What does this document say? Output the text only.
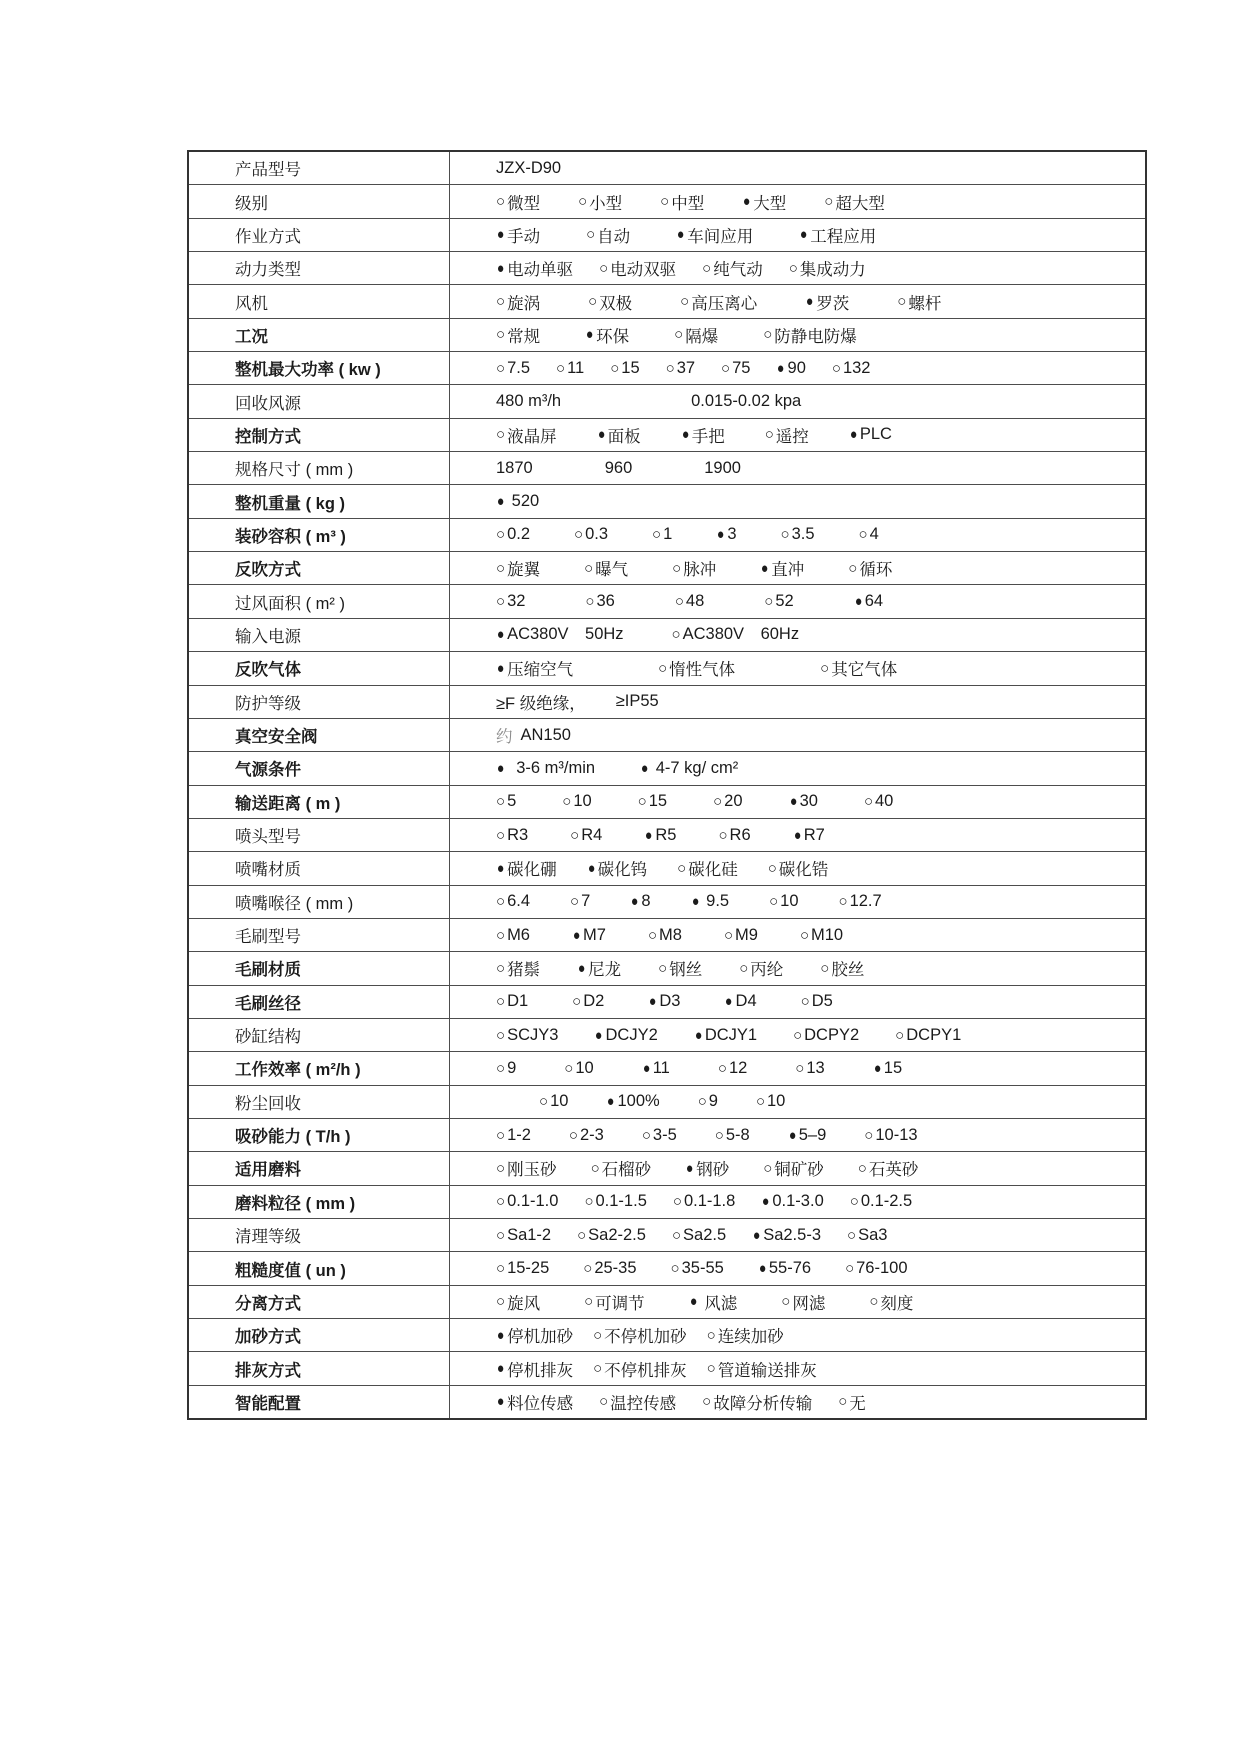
产品型号	JZX-D90
级别	○ 微型	○ 小型	○ 中型	● 大型	○ 超大型
作业方式	● 手动	○ 自动	● 车间应用	● 工程应用
动力类型	● 电动单驱 ○ 电动双驱 ○ 纯气动 ○ 集成动力
风机	○ 旋涡	○ 双极	○ 高压离心	● 罗茨	○ 螺杆
工况	○ 常规	● 环保	○ 隔爆	○ 防静电防爆
整机最大功率 ( kw )	○ 7.5 ○ 11 ○ 15 ○ 37 ○ 75 ● 90 ○ 132
回收风源	480 m³/h	0.015-0.02 kpa
控制方式	○ 液晶屏	● 面板	● 手把	○ 遥控	● PLC
规格尺寸 ( mm )	1870	960	1900
整机重量 ( kg )	● 520
装砂容积 ( m³ )	○ 0.2	○ 0.3	○ 1	● 3	○ 3.5	○ 4
反吹方式	○ 旋翼	○ 曝气	○ 脉冲	● 直冲	○ 循环
过风面积 ( m² )	○ 32	○ 36	○ 48	○ 52	● 64
输入电源	● AC380V 50Hz	○ AC380V 60Hz
反吹气体	● 压缩空气	○ 惰性气体	○ 其它气体
防护等级	≥F 级绝缘， ≥IP55
真空安全阀	约 AN150
气源条件	● 3-6 m³/min	● 4-7 kg/ cm²
输送距离 ( m )	○ 5	○ 10	○ 15	○ 20	● 30	○ 40
喷头型号	○ R3	○ R4	● R5	○ R6	● R7
喷嘴材质	● 碳化硼 ● 碳化钨 ○ 碳化硅 ○ 碳化锆
喷嘴喉径 ( mm )	○ 6.4	○ 7	● 8	● 9.5	○ 10	○ 12.7
毛刷型号	○ M6	● M7	○ M8	○ M9	○ M10
毛刷材质	○ 猪鬃	● 尼龙 ○ 钢丝 ○ 丙纶 ○ 胶丝
毛刷丝径	○ D1	○ D2	● D3	● D4	○ D5
砂缸结构	○ SCJY3 ● DCJY2 ● DCJY1 ○ DCPY2 ○ DCPY1
工作效率 ( m²/h )	○ 9	○ 10	● 11	○ 12	○ 13	● 15
粉尘回收	○ 10	● 100%	○ 9	○ 10
吸砂能力 ( T/h )	○ 1-2	○ 2-3	○ 3-5	○ 5-8	● 5–9	○ 10-13
适用磨料	○ 刚玉砂 ○ 石榴砂 ● 钢砂 ○ 铜矿砂 ○ 石英砂
磨料粒径 ( mm )	○ 0.1-1.0 ○ 0.1-1.5 ○ 0.1-1.8 ● 0.1-3.0 ○ 0.1-2.5
清理等级	○ Sa1-2 ○ Sa2-2.5 ○ Sa2.5 ● Sa2.5-3 ○ Sa3
粗糙度值 ( un )	○ 15-25 ○ 25-35 ○ 35-55 ● 55-76 ○ 76-100
分离方式	○ 旋风	○ 可调节	● 风滤	○ 网滤	○ 刻度
加砂方式	● 停机加砂 ○ 不停机加砂 ○ 连续加砂
排灰方式	● 停机排灰 ○ 不停机排灰 ○ 管道输送排灰
智能配置	● 料位传感 ○ 温控传感 ○ 故障分析传输 ○ 无
